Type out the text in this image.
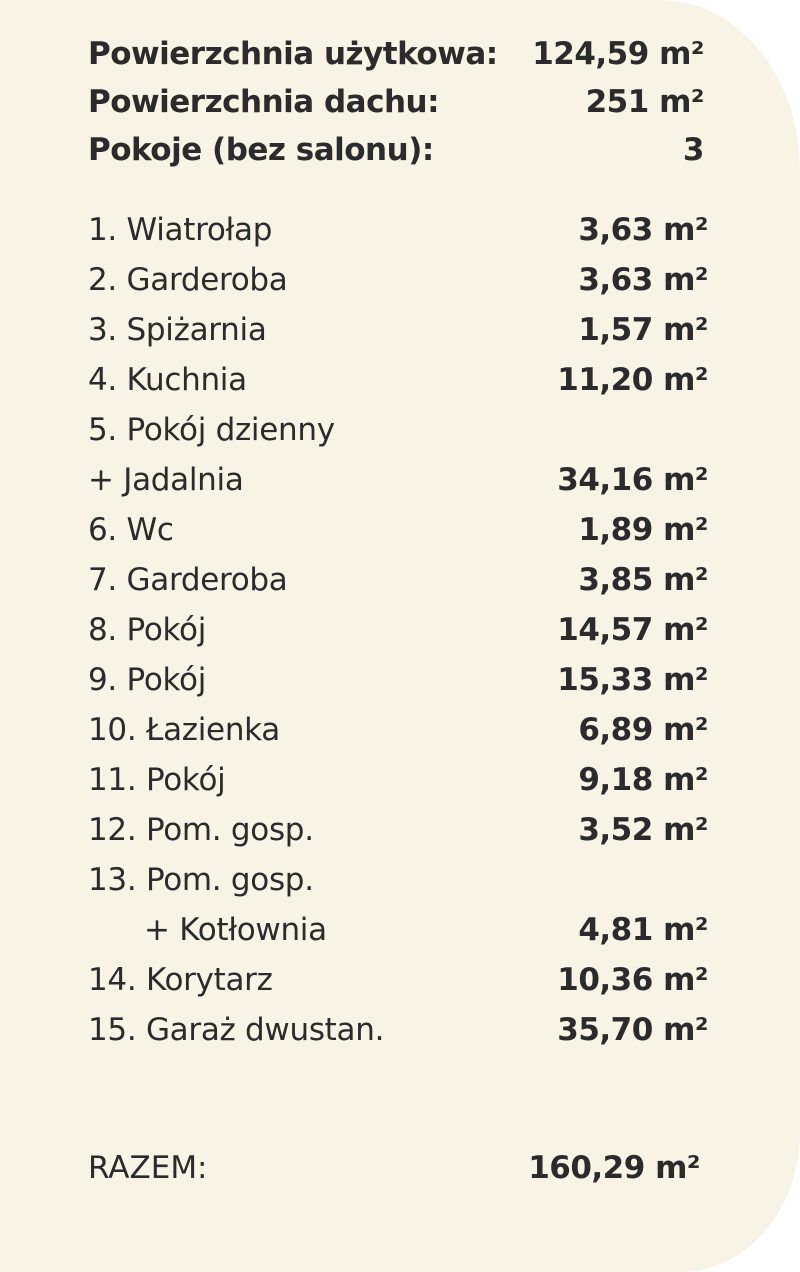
Powierzchnia użytkowa: 124,59 m²
Powierzchnia dachu:	251 m²
Pokoje (bez salonu):	3
1. Wiatrołap	3,63 m²
2. Garderoba	3,63 m²
3. Spiżarnia	1,57 m²
4. Kuchnia	11,20 m²
5. Pokój dzienny
+ Jadalnia	34,16 m²
6. Wc	1,89 m²
7. Garderoba	3,85 m²
8. Pokój	14,57 m²
9. Pokój	15,33 m²
10. Łazienka	6,89 m²
11. Pokój	9,18 m²
12. Pom. gosp.	3,52 m²
13. Pom. gosp.
+ Kotłownia	4,81 m²
14. Korytarz	10,36 m²
15. Garaż dwustan.	35,70 m²
RAZEM:	160,29 m²
